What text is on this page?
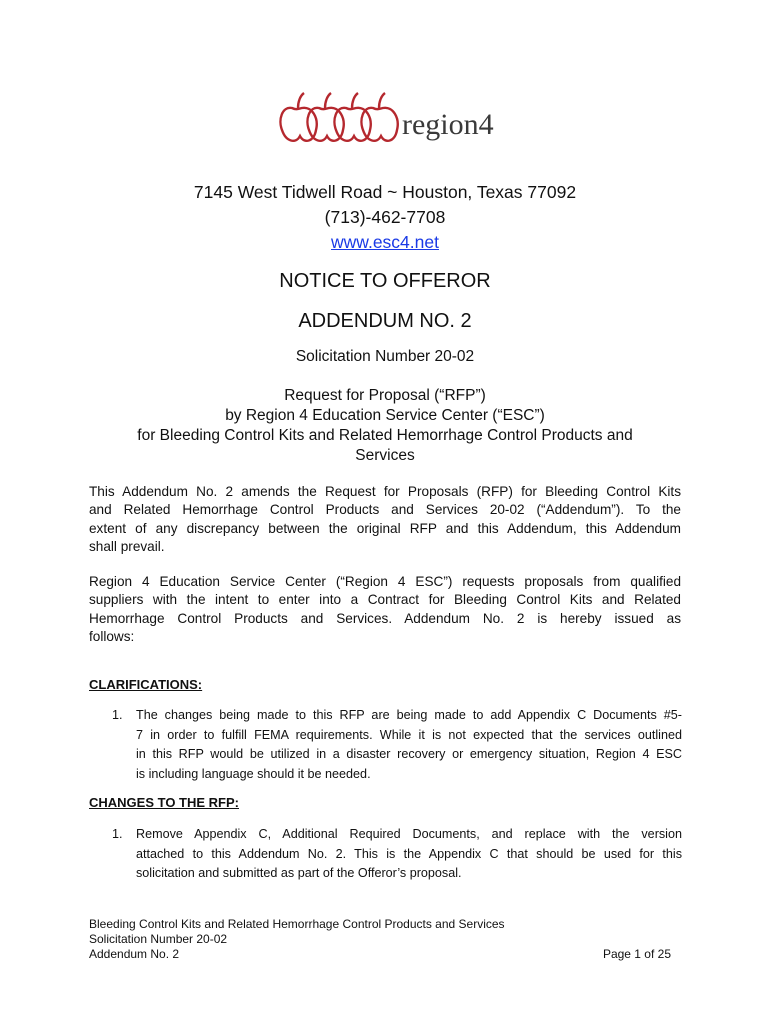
region4
7145 West Tidwell Road ~ Houston, Texas 77092
(713)-462-7708
www.esc4.net
NOTICE TO OFFEROR
ADDENDUM NO. 2
Solicitation Number 20-02
Request for Proposal (“RFP”)
by Region 4 Education Service Center (“ESC”)
for Bleeding Control Kits and Related Hemorrhage Control Products and
Services
This Addendum No. 2 amends the Request for Proposals (RFP) for Bleeding Control Kits
and Related Hemorrhage Control Products and Services 20-02 (“Addendum”). To the
extent of any discrepancy between the original RFP and this Addendum, this Addendum
shall prevail.
Region 4 Education Service Center (“Region 4 ESC”) requests proposals from qualified
suppliers with the intent to enter into a Contract for Bleeding Control Kits and Related
Hemorrhage Control Products and Services. Addendum No. 2 is hereby issued as
follows:
CLARIFICATIONS:
1. The changes being made to this RFP are being made to add Appendix C Documents #5-
7 in order to fulfill FEMA requirements. While it is not expected that the services outlined
in this RFP would be utilized in a disaster recovery or emergency situation, Region 4 ESC
is including language should it be needed.
CHANGES TO THE RFP:
1. Remove Appendix C, Additional Required Documents, and replace with the version
attached to this Addendum No. 2. This is the Appendix C that should be used for this
solicitation and submitted as part of the Offeror’s proposal.
Bleeding Control Kits and Related Hemorrhage Control Products and Services
Solicitation Number 20-02
Addendum No. 2	Page 1 of 25
